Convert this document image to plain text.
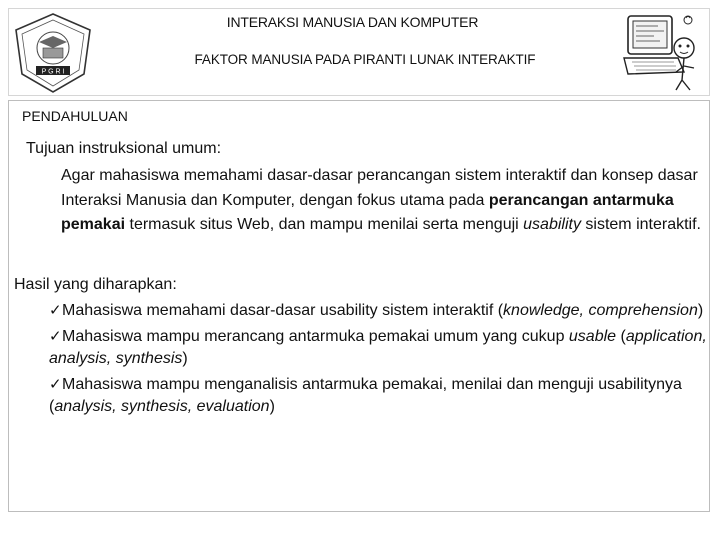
P G R I
INTERAKSI MANUSIA DAN KOMPUTER
FAKTOR MANUSIA PADA PIRANTI LUNAK INTERAKTIF
PENDAHULUAN
Tujuan instruksional umum:
Agar mahasiswa memahami dasar-dasar perancangan sistem interaktif dan konsep dasar Interaksi Manusia dan Komputer, dengan fokus utama pada perancangan antarmuka pemakai termasuk situs Web, dan mampu menilai serta menguji usability sistem interaktif.
Hasil yang diharapkan:
✓Mahasiswa memahami dasar-dasar usability sistem interaktif (knowledge, comprehension)
✓Mahasiswa mampu merancang antarmuka pemakai umum yang cukup usable (application, analysis, synthesis)
✓Mahasiswa mampu menganalisis antarmuka pemakai, menilai dan menguji usabilitynya (analysis, synthesis, evaluation)
